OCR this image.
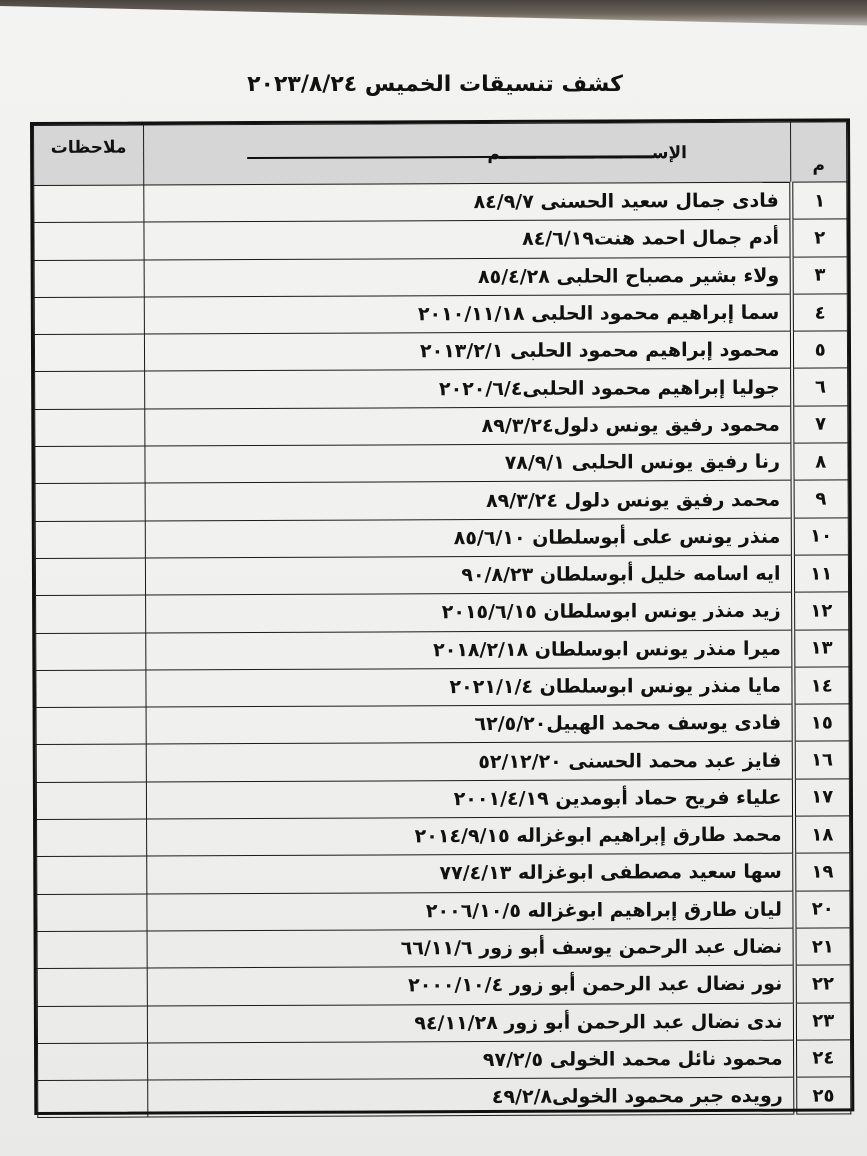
كشف تنسيقات الخميس ٢٠٢٣/٨/٢٤
م	الإســــــــــــــــــــــــــم	ملاحظات
١	فادى جمال سعيد الحسنى ٨٤/٩/٧	
٢	أدم جمال احمد هنت٨٤/٦/١٩	
٣	ولاء بشير مصباح الحلبى ٨٥/٤/٢٨	
٤	سما إبراهيم محمود الحلبى ٢٠١٠/١١/١٨	
٥	محمود إبراهيم محمود الحلبى ٢٠١٣/٢/١	
٦	جوليا إبراهيم محمود الحلبى٢٠٢٠/٦/٤	
٧	محمود رفيق يونس دلول٨٩/٣/٢٤	
٨	رنا رفيق يونس الحلبى ٧٨/٩/١	
٩	محمد رفيق يونس دلول ٨٩/٣/٢٤	
١٠	منذر يونس على أبوسلطان ٨٥/٦/١٠	
١١	ايه اسامه خليل أبوسلطان ٩٠/٨/٢٣	
١٢	زيد منذر يونس ابوسلطان ٢٠١٥/٦/١٥	
١٣	ميرا منذر يونس ابوسلطان ٢٠١٨/٢/١٨	
١٤	مايا منذر يونس ابوسلطان ٢٠٢١/١/٤	
١٥	فادى يوسف محمد الهبيل٦٢/٥/٢٠	
١٦	فايز عبد محمد الحسنى ٥٢/١٢/٢٠	
١٧	علياء فريح حماد أبومدين ٢٠٠١/٤/١٩	
١٨	محمد طارق إبراهيم ابوغزاله ٢٠١٤/٩/١٥	
١٩	سها سعيد مصطفى ابوغزاله ٧٧/٤/١٣	
٢٠	ليان طارق إبراهيم ابوغزاله ٢٠٠٦/١٠/٥	
٢١	نضال عبد الرحمن يوسف أبو زور ٦٦/١١/٦	
٢٢	نور نضال عبد الرحمن أبو زور ٢٠٠٠/١٠/٤	
٢٣	ندى نضال عبد الرحمن أبو زور ٩٤/١١/٢٨	
٢٤	محمود نائل محمد الخولى ٩٧/٢/٥	
٢٥	رويده جبر محمود الخولى٤٩/٢/٨	
